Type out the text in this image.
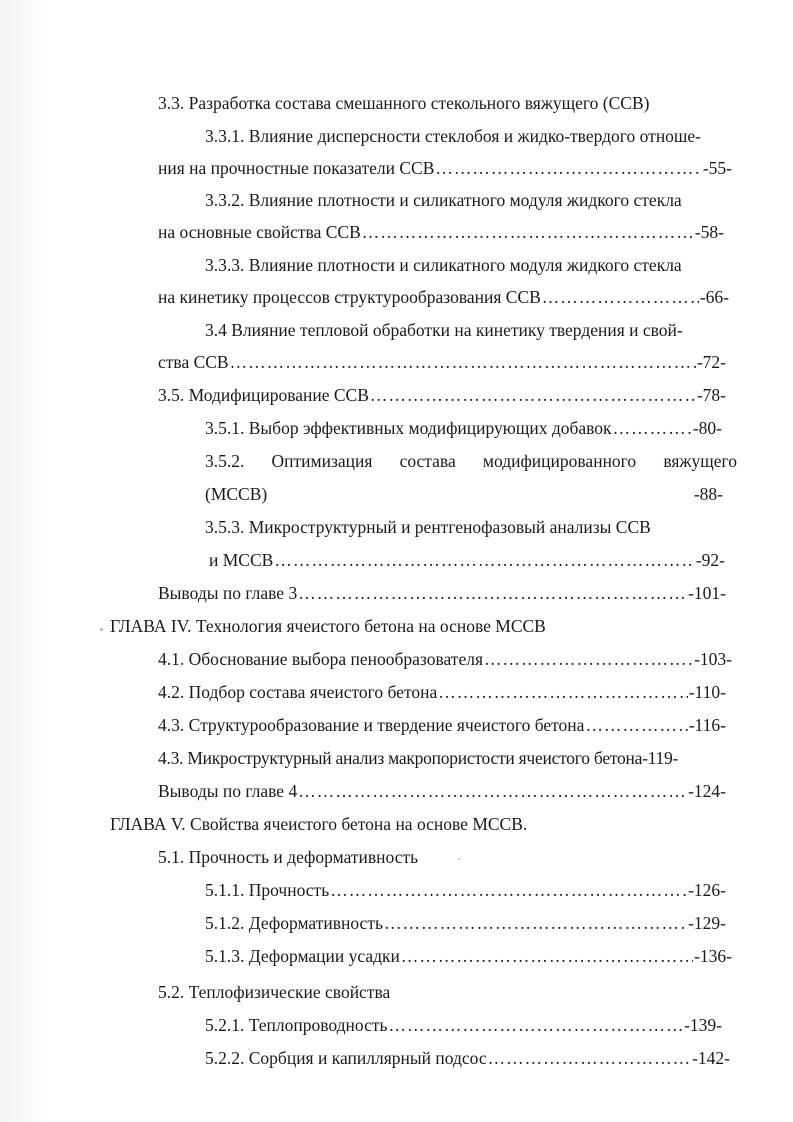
3.3. Разработка состава смешанного стекольного вяжущего (ССВ)
3.3.1. Влияние дисперсности стеклобоя и жидко-твердого отноше-
ния на прочностные показатели ССВ ……………………………………………………………………………………………………………………………………………………………………	-55-
3.3.2. Влияние плотности и силикатного модуля жидкого стекла
на основные свойства ССВ ……………………………………………………………………………………………………………………………………………………………………	-58-
3.3.3. Влияние плотности и силикатного модуля жидкого стекла
на кинетику процессов структурообразования ССВ ……………………………………………………………………………………………………………………………………………………………………	-66-
3.4 Влияние тепловой обработки на кинетику твердения и свой-
ства ССВ ……………………………………………………………………………………………………………………………………………………………………	-72-
3.5. Модифицирование ССВ ……………………………………………………………………………………………………………………………………………………………………	-78-
3.5.1. Выбор эффективных модифицирующих добавок ……………………………………………………………………………………………………………………………………………………………………	-80-
3.5.2. Оптимизация состава модифицированного вяжущего
(МССВ)	-88-
3.5.3. Микроструктурный и рентгенофазовый анализы ССВ
и МССВ ……………………………………………………………………………………………………………………………………………………………………	-92-
Выводы по главе 3 ……………………………………………………………………………………………………………………………………………………………………	-101-
ГЛАВА IV. Технология ячеистого бетона на основе МССВ
4.1. Обоснование выбора пенообразователя ……………………………………………………………………………………………………………………………………………………………………	-103-
4.2. Подбор состава ячеистого бетона ……………………………………………………………………………………………………………………………………………………………………	-110-
4.3. Структурообразование и твердение ячеистого бетона ……………………………………………………………………………………………………………………………………………………………………	-116-
4.3. Микроструктурный анализ макропористости ячеистого бетона-119-
Выводы по главе 4 ……………………………………………………………………………………………………………………………………………………………………	-124-
ГЛАВА V. Свойства ячеистого бетона на основе МССВ.
5.1. Прочность и деформативность
5.1.1. Прочность ……………………………………………………………………………………………………………………………………………………………………	-126-
5.1.2. Деформативность ……………………………………………………………………………………………………………………………………………………………………	-129-
5.1.3. Деформации усадки ……………………………………………………………………………………………………………………………………………………………………	-136-
5.2. Теплофизические свойства
5.2.1. Теплопроводность ……………………………………………………………………………………………………………………………………………………………………	-139-
5.2.2. Сорбция и капиллярный подсос ……………………………………………………………………………………………………………………………………………………………………	-142-
